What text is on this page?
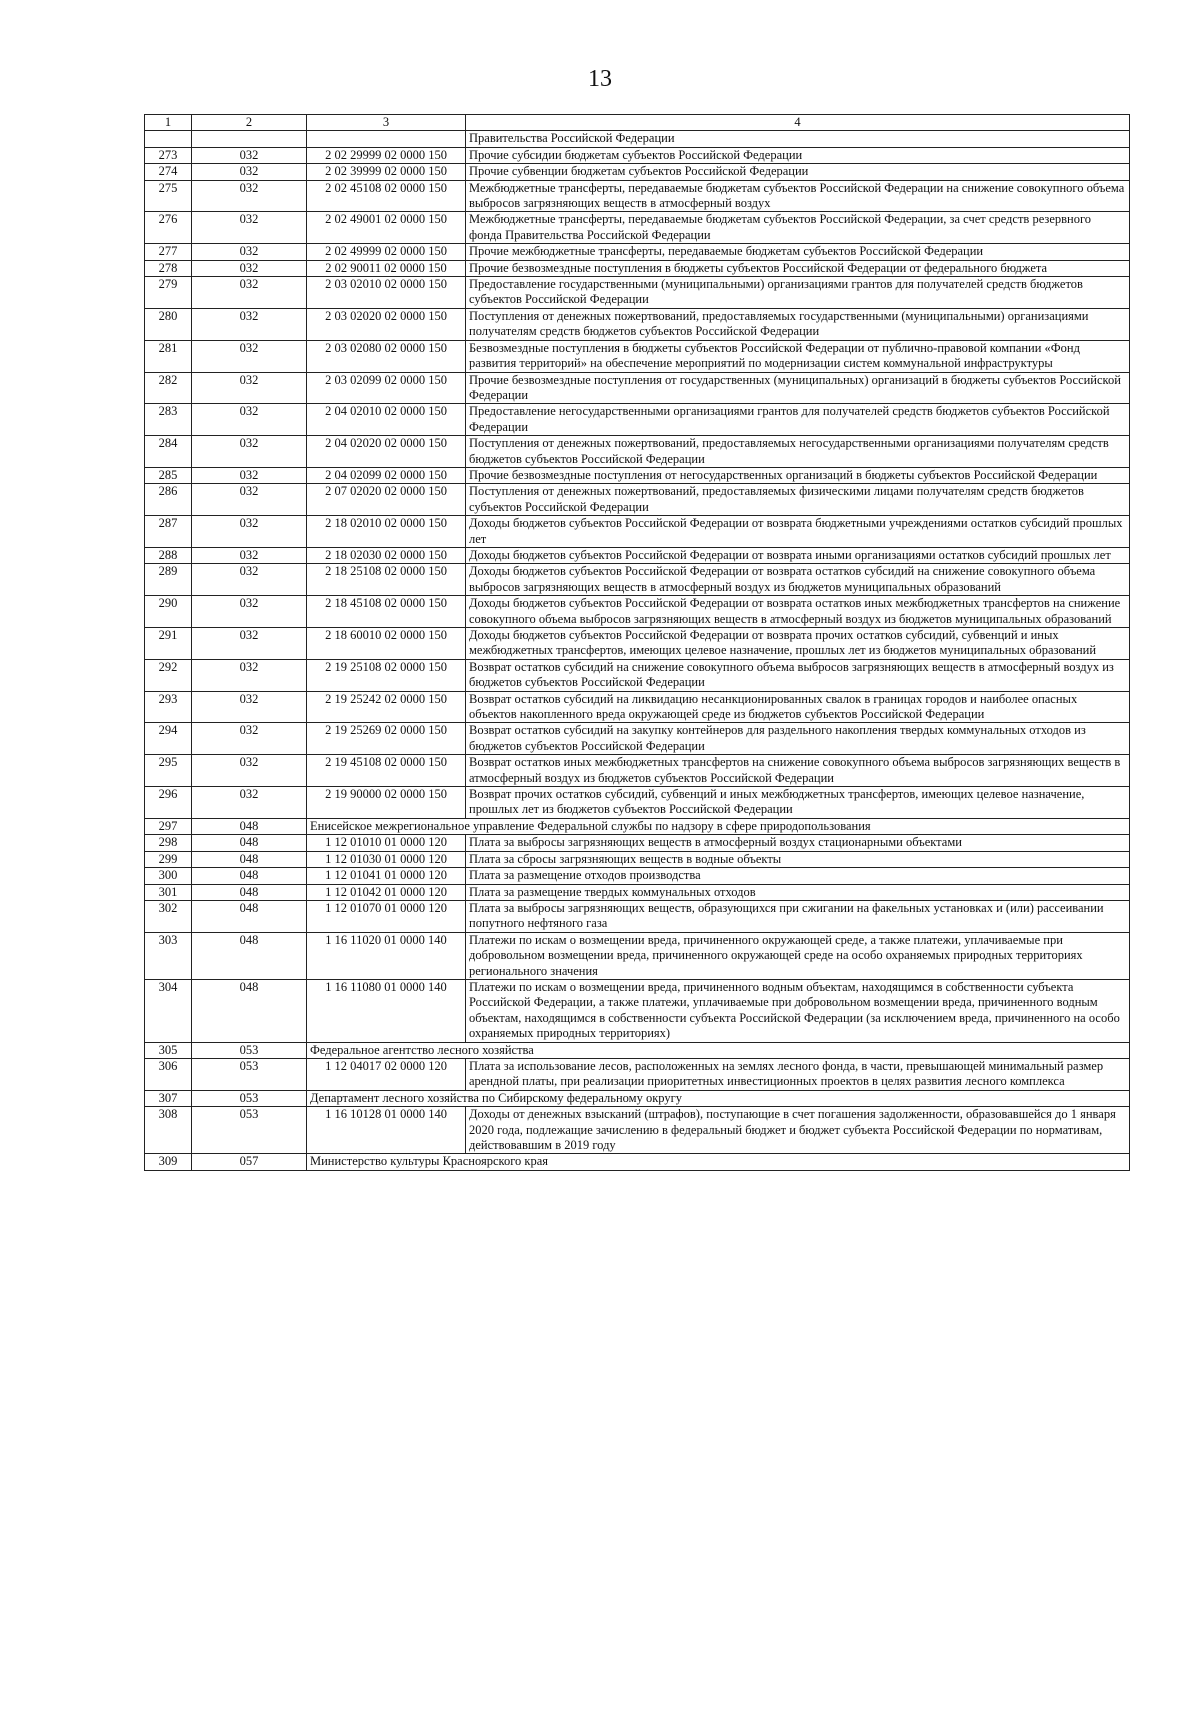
13
1	2	3	4
			Правительства Российской Федерации
273	032	2 02 29999 02 0000 150	Прочие субсидии бюджетам субъектов Российской Федерации
274	032	2 02 39999 02 0000 150	Прочие субвенции бюджетам субъектов Российской Федерации
275	032	2 02 45108 02 0000 150	Межбюджетные трансферты, передаваемые бюджетам субъектов Российской Федерации на снижение совокупного объема выбросов загрязняющих веществ в атмосферный воздух
276	032	2 02 49001 02 0000 150	Межбюджетные трансферты, передаваемые бюджетам субъектов Российской Федерации, за счет средств резервного фонда Правительства Российской Федерации
277	032	2 02 49999 02 0000 150	Прочие межбюджетные трансферты, передаваемые бюджетам субъектов Российской Федерации
278	032	2 02 90011 02 0000 150	Прочие безвозмездные поступления в бюджеты субъектов Российской Федерации от федерального бюджета
279	032	2 03 02010 02 0000 150	Предоставление государственными (муниципальными) организациями грантов для получателей средств бюджетов субъектов Российской Федерации
280	032	2 03 02020 02 0000 150	Поступления от денежных пожертвований, предоставляемых государственными (муниципальными) организациями получателям средств бюджетов субъектов Российской Федерации
281	032	2 03 02080 02 0000 150	Безвозмездные поступления в бюджеты субъектов Российской Федерации от публично-правовой компании «Фонд развития территорий» на обеспечение мероприятий по модернизации систем коммунальной инфраструктуры
282	032	2 03 02099 02 0000 150	Прочие безвозмездные поступления от государственных (муниципальных) организаций в бюджеты субъектов Российской Федерации
283	032	2 04 02010 02 0000 150	Предоставление негосударственными организациями грантов для получателей средств бюджетов субъектов Российской Федерации
284	032	2 04 02020 02 0000 150	Поступления от денежных пожертвований, предоставляемых негосударственными организациями получателям средств бюджетов субъектов Российской Федерации
285	032	2 04 02099 02 0000 150	Прочие безвозмездные поступления от негосударственных организаций в бюджеты субъектов Российской Федерации
286	032	2 07 02020 02 0000 150	Поступления от денежных пожертвований, предоставляемых физическими лицами получателям средств бюджетов субъектов Российской Федерации
287	032	2 18 02010 02 0000 150	Доходы бюджетов субъектов Российской Федерации от возврата бюджетными учреждениями остатков субсидий прошлых лет
288	032	2 18 02030 02 0000 150	Доходы бюджетов субъектов Российской Федерации от возврата иными организациями остатков субсидий прошлых лет
289	032	2 18 25108 02 0000 150	Доходы бюджетов субъектов Российской Федерации от возврата остатков субсидий на снижение совокупного объема выбросов загрязняющих веществ в атмосферный воздух из бюджетов муниципальных образований
290	032	2 18 45108 02 0000 150	Доходы бюджетов субъектов Российской Федерации от возврата остатков иных межбюджетных трансфертов на снижение совокупного объема выбросов загрязняющих веществ в атмосферный воздух из бюджетов муниципальных образований
291	032	2 18 60010 02 0000 150	Доходы бюджетов субъектов Российской Федерации от возврата прочих остатков субсидий, субвенций и иных межбюджетных трансфертов, имеющих целевое назначение, прошлых лет из бюджетов муниципальных образований
292	032	2 19 25108 02 0000 150	Возврат остатков субсидий на снижение совокупного объема выбросов загрязняющих веществ в атмосферный воздух из бюджетов субъектов Российской Федерации
293	032	2 19 25242 02 0000 150	Возврат остатков субсидий на ликвидацию несанкционированных свалок в границах городов и наиболее опасных объектов накопленного вреда окружающей среде из бюджетов субъектов Российской Федерации
294	032	2 19 25269 02 0000 150	Возврат остатков субсидий на закупку контейнеров для раздельного накопления твердых коммунальных отходов из бюджетов субъектов Российской Федерации
295	032	2 19 45108 02 0000 150	Возврат остатков иных межбюджетных трансфертов на снижение совокупного объема выбросов загрязняющих веществ в атмосферный воздух из бюджетов субъектов Российской Федерации
296	032	2 19 90000 02 0000 150	Возврат прочих остатков субсидий, субвенций и иных межбюджетных трансфертов, имеющих целевое назначение, прошлых лет из бюджетов субъектов Российской Федерации
297	048	Енисейское межрегиональное управление Федеральной службы по надзору в сфере природопользования	
298	048	1 12 01010 01 0000 120	Плата за выбросы загрязняющих веществ в атмосферный воздух стационарными объектами
299	048	1 12 01030 01 0000 120	Плата за сбросы загрязняющих веществ в водные объекты
300	048	1 12 01041 01 0000 120	Плата за размещение отходов производства
301	048	1 12 01042 01 0000 120	Плата за размещение твердых коммунальных отходов
302	048	1 12 01070 01 0000 120	Плата за выбросы загрязняющих веществ, образующихся при сжигании на факельных установках и (или) рассеивании попутного нефтяного газа
303	048	1 16 11020 01 0000 140	Платежи по искам о возмещении вреда, причиненного окружающей среде, а также платежи, уплачиваемые при добровольном возмещении вреда, причиненного окружающей среде на особо охраняемых природных территориях регионального значения
304	048	1 16 11080 01 0000 140	Платежи по искам о возмещении вреда, причиненного водным объектам, находящимся в собственности субъекта Российской Федерации, а также платежи, уплачиваемые при добровольном возмещении вреда, причиненного водным объектам, находящимся в собственности субъекта Российской Федерации (за исключением вреда, причиненного на особо охраняемых природных территориях)
305	053	Федеральное агентство лесного хозяйства	
306	053	1 12 04017 02 0000 120	Плата за использование лесов, расположенных на землях лесного фонда, в части, превышающей минимальный размер арендной платы, при реализации приоритетных инвестиционных проектов в целях развития лесного комплекса
307	053	Департамент лесного хозяйства по Сибирскому федеральному округу	
308	053	1 16 10128 01 0000 140	Доходы от денежных взысканий (штрафов), поступающие в счет погашения задолженности, образовавшейся до 1 января 2020 года, подлежащие зачислению в федеральный бюджет и бюджет субъекта Российской Федерации по нормативам, действовавшим в 2019 году
309	057	Министерство культуры Красноярского края	
